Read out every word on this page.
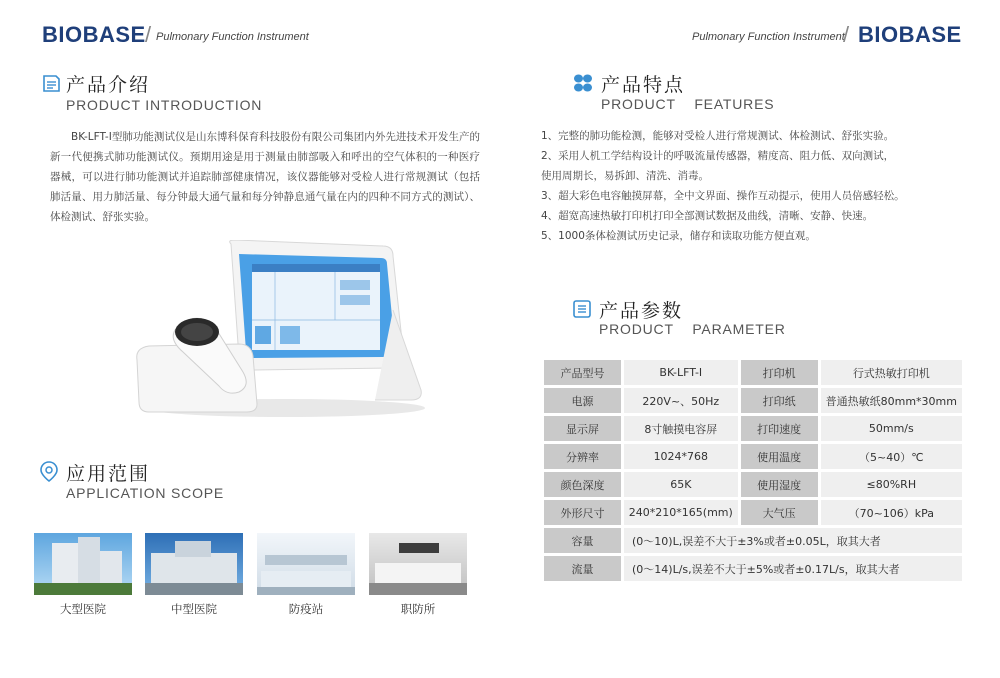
BIOBASE / Pulmonary Function Instrument	Pulmonary Function Instrument
/ BIOBASE
产品介绍
PRODUCT INTRODUCTION
BK-LFT-Ⅰ型肺功能测试仪是山东博科保育科技股份有限公司集团内外先进技术开发生产的新一代便携式肺功能测试仪。预期用途是用于测量由肺部吸入和呼出的空气体积的一种医疗器械，可以进行肺功能测试并追踪肺部健康情况，该仪器能够对受检人进行常规测试（包括肺活量、用力肺活量、每分钟最大通气量和每分钟静息通气量在内的四种不同方式的测试）、体检测试、舒张实验。
应用范围
APPLICATION SCOPE
大型医院	中型医院	防疫站	职防所
产品特点
PRODUCT    FEATURES
1、完整的肺功能检测，能够对受检人进行常规测试、体检测试、舒张实验。
2、采用人机工学结构设计的呼吸流量传感器，精度高、阻力低、双向测试，
使用周期长，易拆卸、清洗、消毒。
3、超大彩色电容触摸屏幕，全中文界面、操作互动提示，使用人员倍感轻松。
4、超宽高速热敏打印机打印全部测试数据及曲线，清晰、安静、快速。
5、1000条体检测试历史记录，储存和读取功能方便直观。
产品参数
PRODUCT    PARAMETER
产品型号	BK-LFT-I	打印机	行式热敏打印机
电源	220V~、50Hz	打印纸	普通热敏纸80mm*30mm
显示屏	8寸触摸电容屏	打印速度	50mm/s
分辨率	1024*768	使用温度	（5~40）℃
颜色深度	65K	使用湿度	≤80%RH
外形尺寸	240*210*165(mm)	大气压	（70~106）kPa
容量	(0～10)L,误差不大于±3%或者±0.05L，取其大者		
流量	(0～14)L/s,误差不大于±5%或者±0.17L/s，取其大者		
